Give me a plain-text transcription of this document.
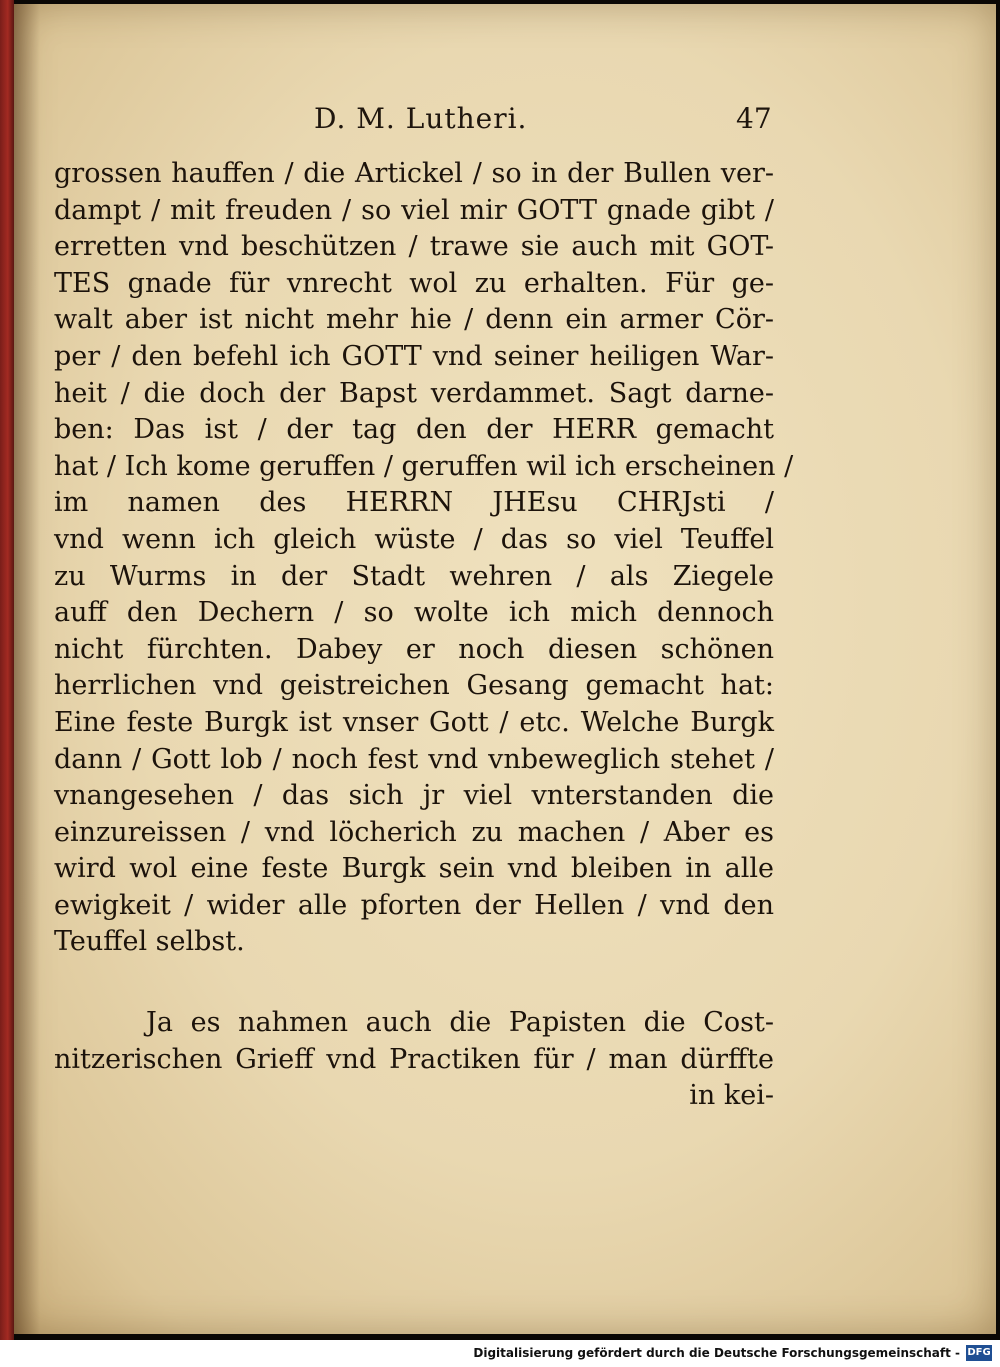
D. M. Lutheri.	47
grossen hauffen / die Artickel / so in der Bullen ver-
dampt / mit freuden / so viel mir GOTT gnade gibt /
erretten vnd beschützen / trawe sie auch mit GOT-
TES gnade für vnrecht wol zu erhalten. Für ge-
walt aber ist nicht mehr hie / denn ein armer Cör-
per / den befehl ich GOTT vnd seiner heiligen War-
heit / die doch der Bapst verdammet. Sagt darne-
ben: Das ist / der tag den der HERR gemacht
hat / Ich kome geruffen / geruffen wil ich erscheinen /
im namen des HERRN JHEsu CHRJsti /
vnd wenn ich gleich wüste / das so viel Teuffel
zu Wurms in der Stadt wehren / als Ziegele
auff den Dechern / so wolte ich mich dennoch
nicht fürchten. Dabey er noch diesen schönen
herrlichen vnd geistreichen Gesang gemacht hat:
Eine feste Burgk ist vnser Gott / etc. Welche Burgk
dann / Gott lob / noch fest vnd vnbeweglich stehet /
vnangesehen / das sich jr viel vnterstanden die
einzureissen / vnd löcherich zu machen / Aber es
wird wol eine feste Burgk sein vnd bleiben in alle
ewigkeit / wider alle pforten der Hellen / vnd den
Teuffel selbst.
Ja es nahmen auch die Papisten die Cost-
nitzerischen Grieff vnd Practiken für / man dürffte
in kei-
Digitalisierung gefördert durch die Deutsche Forschungsgemeinschaft - DFG
